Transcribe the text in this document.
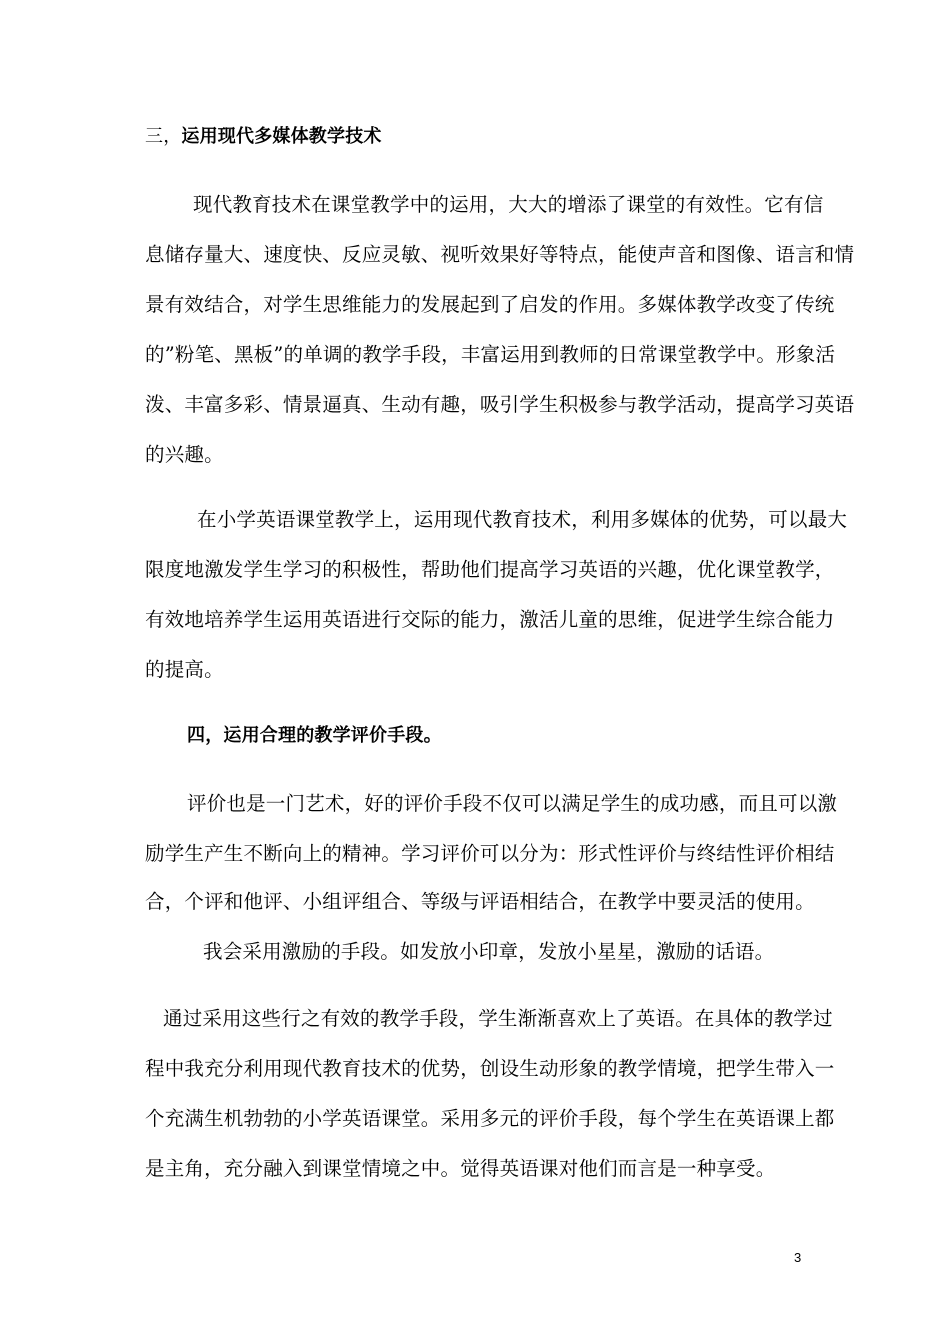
三，运用现代多媒体教学技术
现代教育技术在课堂教学中的运用，大大的增添了课堂的有效性。它有信
息储存量大、速度快、反应灵敏、视听效果好等特点，能使声音和图像、语言和情
景有效结合，对学生思维能力的发展起到了启发的作用。多媒体教学改变了传统
的”粉笔、黑板”的单调的教学手段，丰富运用到教师的日常课堂教学中。形象活
泼、丰富多彩、情景逼真、生动有趣，吸引学生积极参与教学活动，提高学习英语
的兴趣。
在小学英语课堂教学上，运用现代教育技术，利用多媒体的优势，可以最大
限度地激发学生学习的积极性，帮助他们提高学习英语的兴趣，优化课堂教学，
有效地培养学生运用英语进行交际的能力，激活儿童的思维，促进学生综合能力
的提高。
四，运用合理的教学评价手段。
评价也是一门艺术，好的评价手段不仅可以满足学生的成功感，而且可以激
励学生产生不断向上的精神。学习评价可以分为：形式性评价与终结性评价相结
合，个评和他评、小组评组合、等级与评语相结合，在教学中要灵活的使用。
我会采用激励的手段。如发放小印章，发放小星星，激励的话语。
通过采用这些行之有效的教学手段，学生渐渐喜欢上了英语。在具体的教学过
程中我充分利用现代教育技术的优势，创设生动形象的教学情境，把学生带入一
个充满生机勃勃的小学英语课堂。采用多元的评价手段，每个学生在英语课上都
是主角，充分融入到课堂情境之中。觉得英语课对他们而言是一种享受。
3
